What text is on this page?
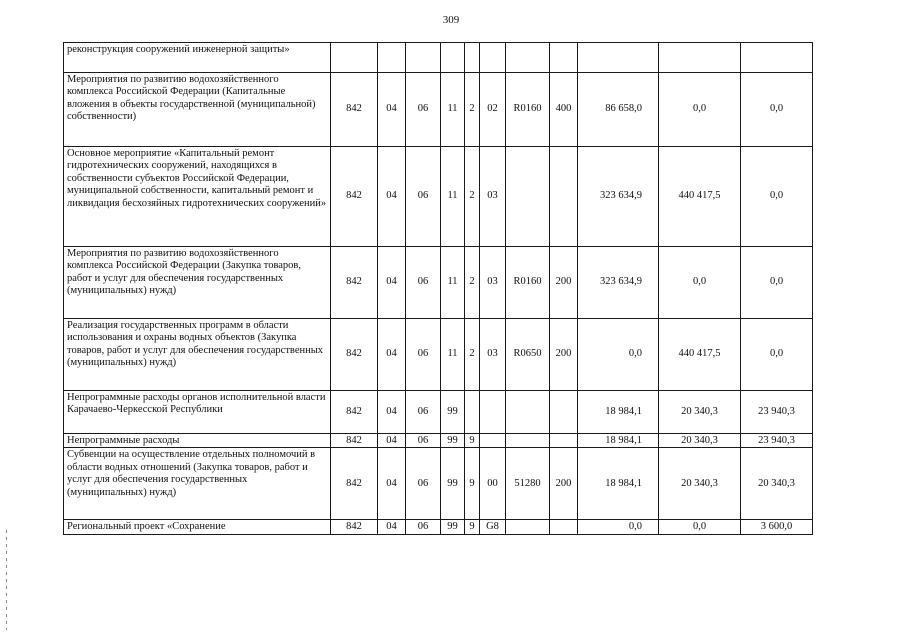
309
реконструкция сооружений инженерной защиты»											
Мероприятия по развитию водохозяйственного комплекса Российской Федерации (Капитальные вложения в объекты государственной (муниципальной) собственности)	842	04	06	11	2	02	R0160	400	86 658,0	0,0	0,0
Основное мероприятие «Капитальный ремонт гидротехнических сооружений, находящихся в собственности субъектов Российской Федерации, муниципальной собственности, капитальный ремонт и ликвидация бесхозяйных гидротехнических сооружений»	842	04	06	11	2	03			323 634,9	440 417,5	0,0
Мероприятия по развитию водохозяйственного комплекса Российской Федерации (Закупка товаров, работ и услуг для обеспечения государственных (муниципальных) нужд)	842	04	06	11	2	03	R0160	200	323 634,9	0,0	0,0
Реализация государственных программ в области использования и охраны водных объектов (Закупка товаров, работ и услуг для обеспечения государственных (муниципальных) нужд)	842	04	06	11	2	03	R0650	200	0,0	440 417,5	0,0
Непрограммные расходы органов исполнительной власти Карачаево-Черкесской Республики	842	04	06	99					18 984,1	20 340,3	23 940,3
Непрограммные расходы	842	04	06	99	9				18 984,1	20 340,3	23 940,3
Субвенции на осуществление отдельных полномочий в области водных отношений (Закупка товаров, работ и услуг для обеспечения государственных (муниципальных) нужд)	842	04	06	99	9	00	51280	200	18 984,1	20 340,3	20 340,3
Региональный проект «Сохранение	842	04	06	99	9	G8			0,0	0,0	3 600,0
